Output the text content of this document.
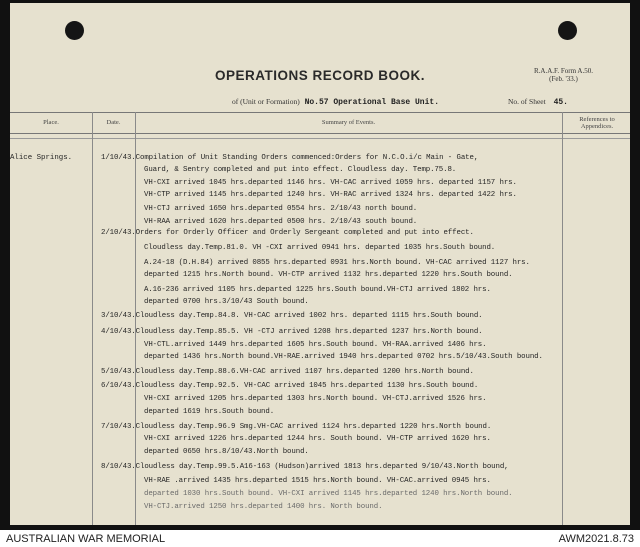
OPERATIONS RECORD BOOK.	R.A.A.F. Form A.50.
(Feb. '33.)
of (Unit or Formation) No.57 Operational Base Unit.	No. of Sheet 45.
Place.	Date.	Summary of Events.	References to Appendices.
Alice Springs.	1/10/43.Compilation of Unit Standing Orders commenced:Orders for N.C.O.i/c Main - Gate,
Guard, & Sentry completed and put into effect. Cloudless day. Temp.75.8.
VH-CXI arrived 1045 hrs.departed 1146 hrs. VH-CAC arrived 1059 hrs. departed 1157 hrs.
VH-CTP arrived 1145 hrs.departed 1240 hrs. VH-RAC arrived 1324 hrs. departed 1422 hrs.
VH-CTJ arrived 1650 hrs.departed 0554 hrs. 2/10/43 north bound.
VH-RAA arrived 1620 hrs.departed 0500 hrs. 2/10/43 south bound.
2/10/43.Orders for Orderly Officer and Orderly Sergeant completed and put into effect.
Cloudless day.Temp.81.0. VH -CXI arrived 0941 hrs. departed 1035 hrs.South bound.
A.24-18 (D.H.84) arrived 0855 hrs.departed 0931 hrs.North bound. VH-CAC arrived 1127 hrs.
departed 1215 hrs.North bound. VH-CTP arrived 1132 hrs.departed 1220 hrs.South bound.
A.16-236 arrived 1105 hrs.departed 1225 hrs.South bound.VH-CTJ arrived 1802 hrs.
departed 0700 hrs.3/10/43 South bound.
3/10/43.Cloudless day.Temp.84.8. VH-CAC arrived 1002 hrs. departed 1115 hrs.South bound.
4/10/43.Cloudless day.Temp.85.5. VH -CTJ arrived 1208 hrs.departed 1237 hrs.North bound.
VH-CTL.arrived 1449 hrs.departed 1605 hrs.South bound. VH-RAA.arrived 1406 hrs.
departed 1436 hrs.North bound.VH-RAE.arrived 1940 hrs.departed 0702 hrs.5/10/43.South bound.
5/10/43.Cloudless day.Temp.88.6.VH-CAC arrived 1107 hrs.departed 1200 hrs.North bound.
6/10/43.Cloudless day.Temp.92.5. VH-CAC arrived 1045 hrs.departed 1130 hrs.South bound.
VH-CXI arrived 1205 hrs.departed 1303 hrs.North bound. VH-CTJ.arrived 1526 hrs.
departed 1619 hrs.South bound.
7/10/43.Cloudless day.Temp.96.9 Smg.VH-CAC arrived 1124 hrs.departed 1220 hrs.North bound.
VH-CXI arrived 1226 hrs.departed 1244 hrs. South bound. VH-CTP arrived 1620 hrs.
departed 0650 hrs.8/10/43.North bound.
8/10/43.Cloudless day.Temp.99.5.A16-163 (Hudson)arrived 1813 hrs.departed 9/10/43.North bound,
VH-RAE .arrived 1435 hrs.departed 1515 hrs.North bound. VH-CAC.arrived 0945 hrs.
departed 1030 hrs.South bound. VH-CXI arrived 1145 hrs.departed 1240 hrs.North bound.
VH-CTJ.arrived 1250 hrs.departed 1400 hrs. North bound.
AUSTRALIAN WAR MEMORIAL	AWM2021.8.73
